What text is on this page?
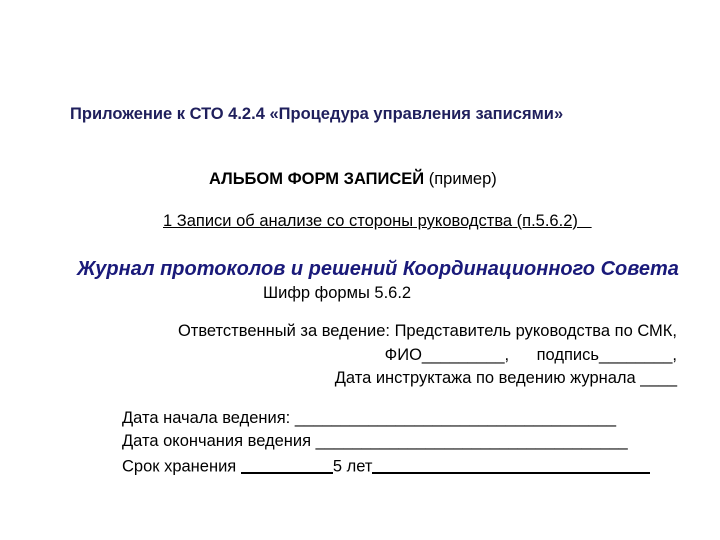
Приложение к СТО 4.2.4 «Процедура управления записями»
АЛЬБОМ ФОРМ ЗАПИСЕЙ (пример)
1 Записи об анализе со стороны руководства (п.5.6.2)
Журнал протоколов и решений Координационного Совета
Шифр формы 5.6.2
Ответственный за ведение: Представитель руководства по СМК,
ФИО_________, подпись________,
Дата инструктажа по ведению журнала ____
Дата начала ведения: ___________________________________
Дата окончания ведения __________________________________
Срок хранения	5 лет
